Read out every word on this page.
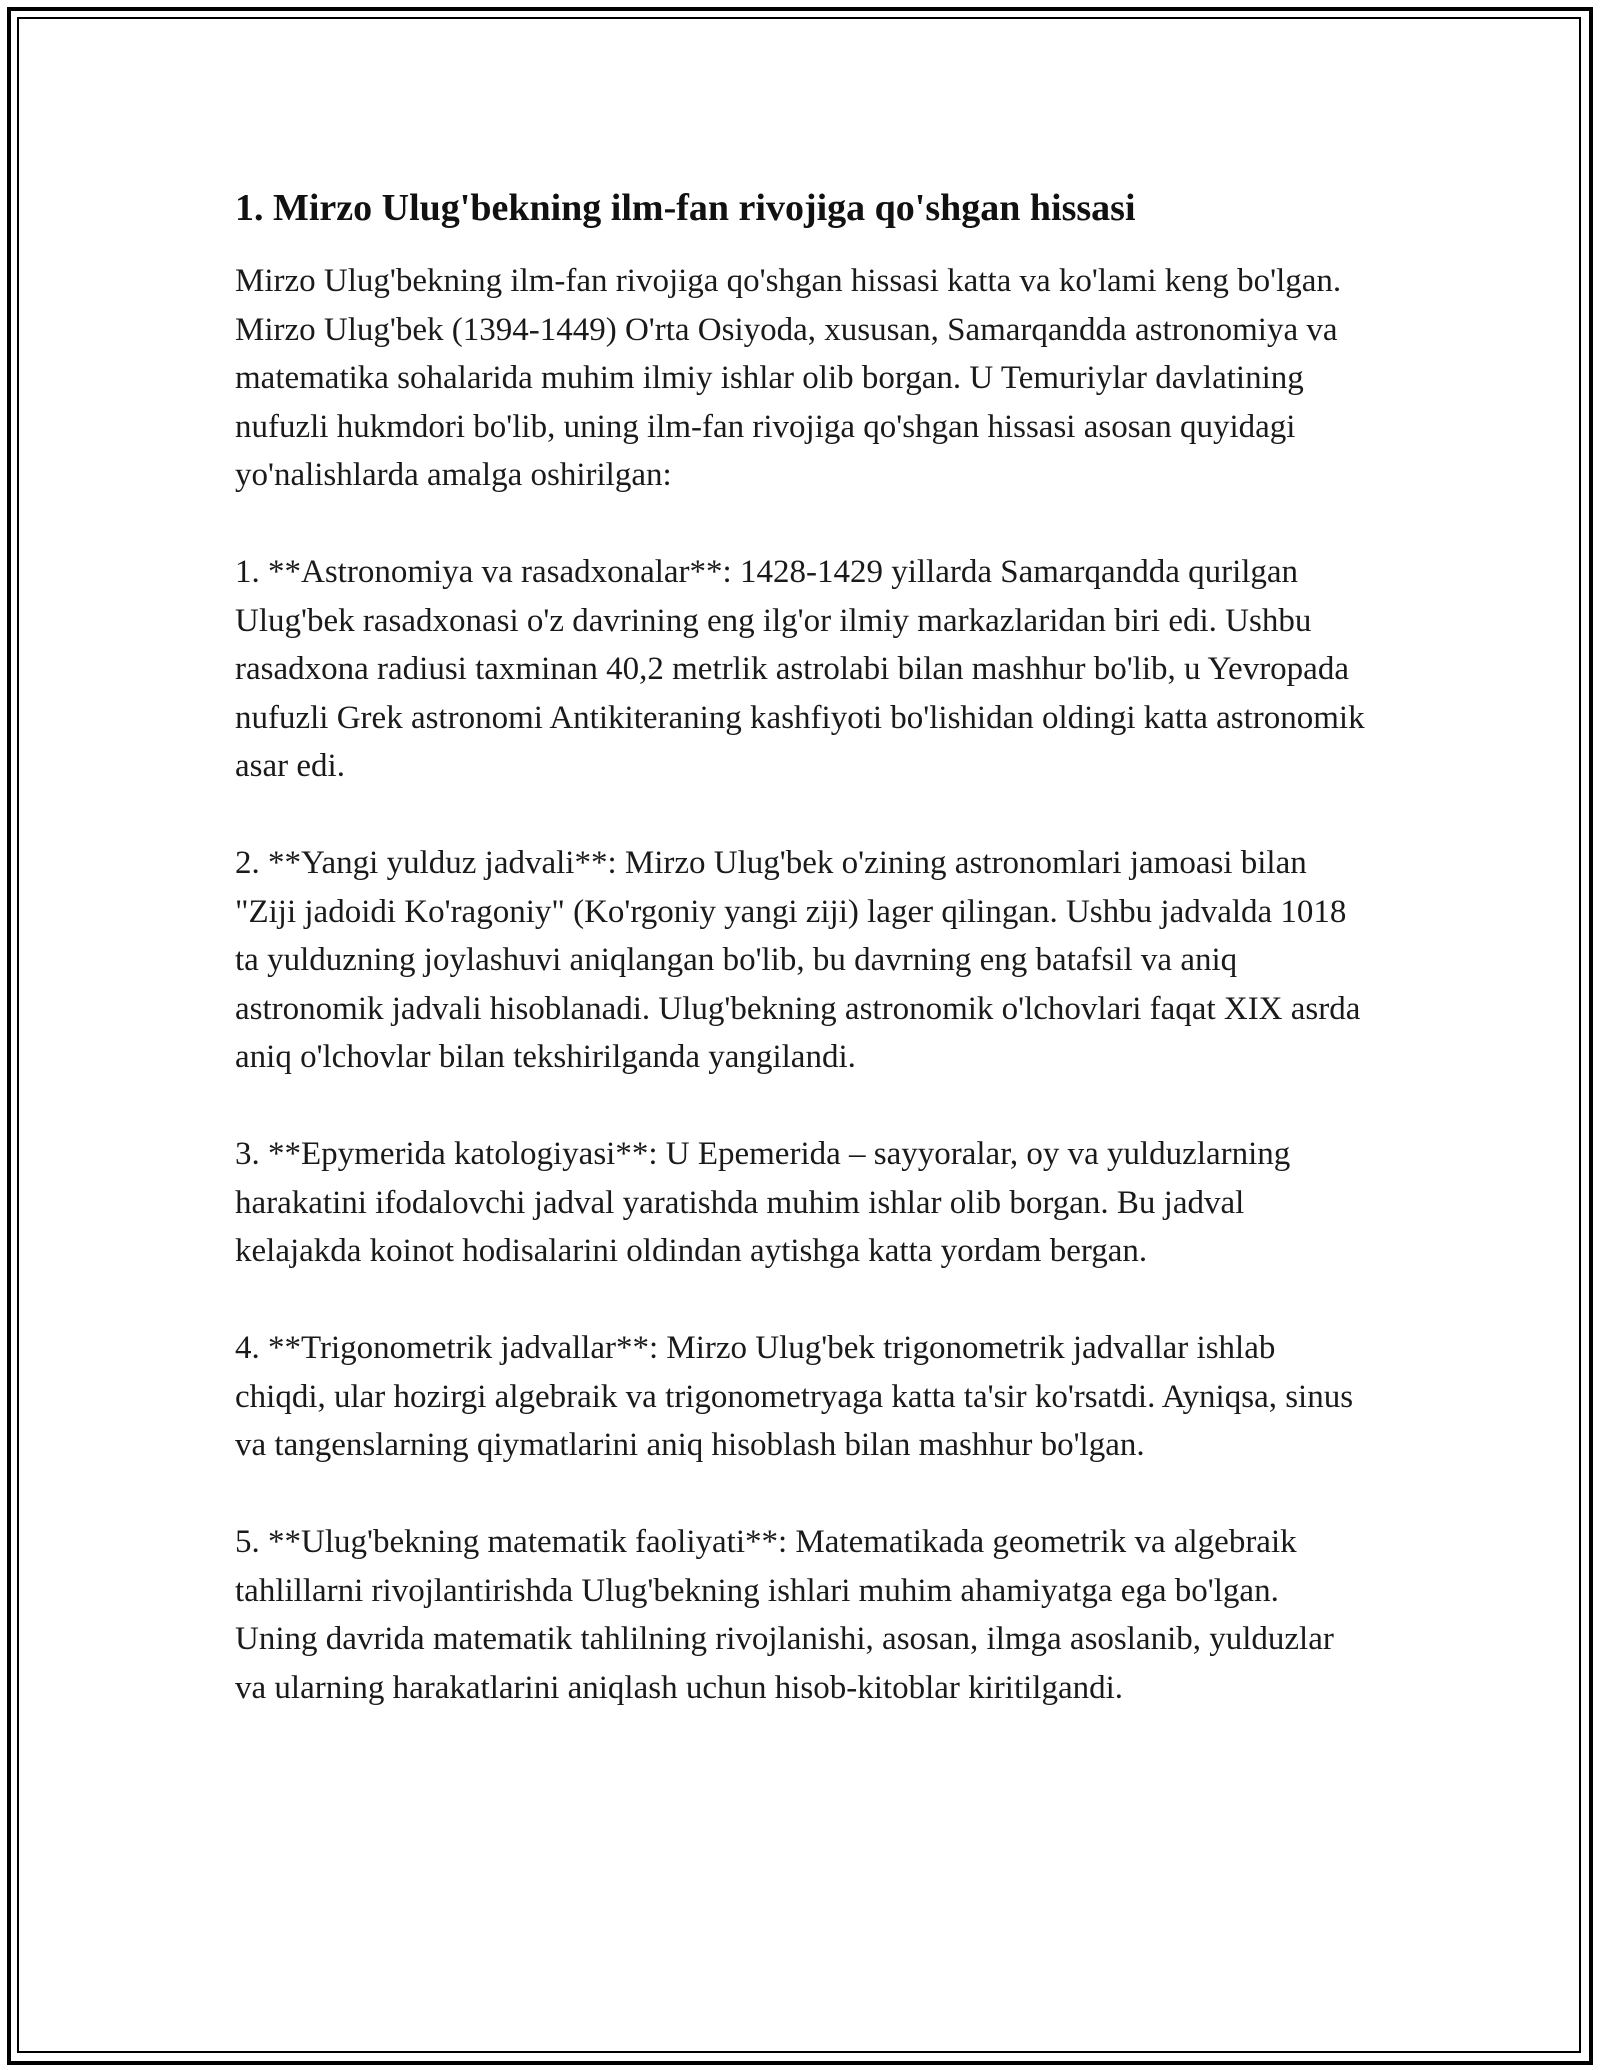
1. Mirzo Ulug'bekning ilm-fan rivojiga qo'shgan hissasi

Mirzo Ulug'bekning ilm-fan rivojiga qo'shgan hissasi katta va ko'lami keng bo'lgan. Mirzo Ulug'bek (1394-1449) O'rta Osiyoda, xususan, Samarqandda astronomiya va matematika sohalarida muhim ilmiy ishlar olib borgan. U Temuriylar davlatining nufuzli hukmdori bo'lib, uning ilm-fan rivojiga qo'shgan hissasi asosan quyidagi yo'nalishlarda amalga oshirilgan:

1. **Astronomiya va rasadxonalar**: 1428-1429 yillarda Samarqandda qurilgan Ulug'bek rasadxonasi o'z davrining eng ilg'or ilmiy markazlaridan biri edi. Ushbu rasadxona radiusi taxminan 40,2 metrlik astrolabi bilan mashhur bo'lib, u Yevropada nufuzli Grek astronomi Antikiteraning kashfiyoti bo'lishidan oldingi katta astronomik asar edi.

2. **Yangi yulduz jadvali**: Mirzo Ulug'bek o'zining astronomlari jamoasi bilan "Ziji jadoidi Ko'ragoniy" (Ko'rgoniy yangi ziji) lager qilingan. Ushbu jadvalda 1018 ta yulduzning joylashuvi aniqlangan bo'lib, bu davrning eng batafsil va aniq astronomik jadvali hisoblanadi. Ulug'bekning astronomik o'lchovlari faqat XIX asrda aniq o'lchovlar bilan tekshirilganda yangilandi.

3. **Epymerida katologiyasi**: U Epemerida – sayyoralar, oy va yulduzlarning harakatini ifodalovchi jadval yaratishda muhim ishlar olib borgan. Bu jadval kelajakda koinot hodisalarini oldindan aytishga katta yordam bergan.

4. **Trigonometrik jadvallar**: Mirzo Ulug'bek trigonometrik jadvallar ishlab chiqdi, ular hozirgi algebraik va trigonometryaga katta ta'sir ko'rsatdi. Ayniqsa, sinus va tangenslarning qiymatlarini aniq hisoblash bilan mashhur bo'lgan.

5. **Ulug'bekning matematik faoliyati**: Matematikada geometrik va algebraik tahlillarni rivojlantirishda Ulug'bekning ishlari muhim ahamiyatga ega bo'lgan. Uning davrida matematik tahlilning rivojlanishi, asosan, ilmga asoslanib, yulduzlar va ularning harakatlarini aniqlash uchun hisob-kitoblar kiritilgandi.
